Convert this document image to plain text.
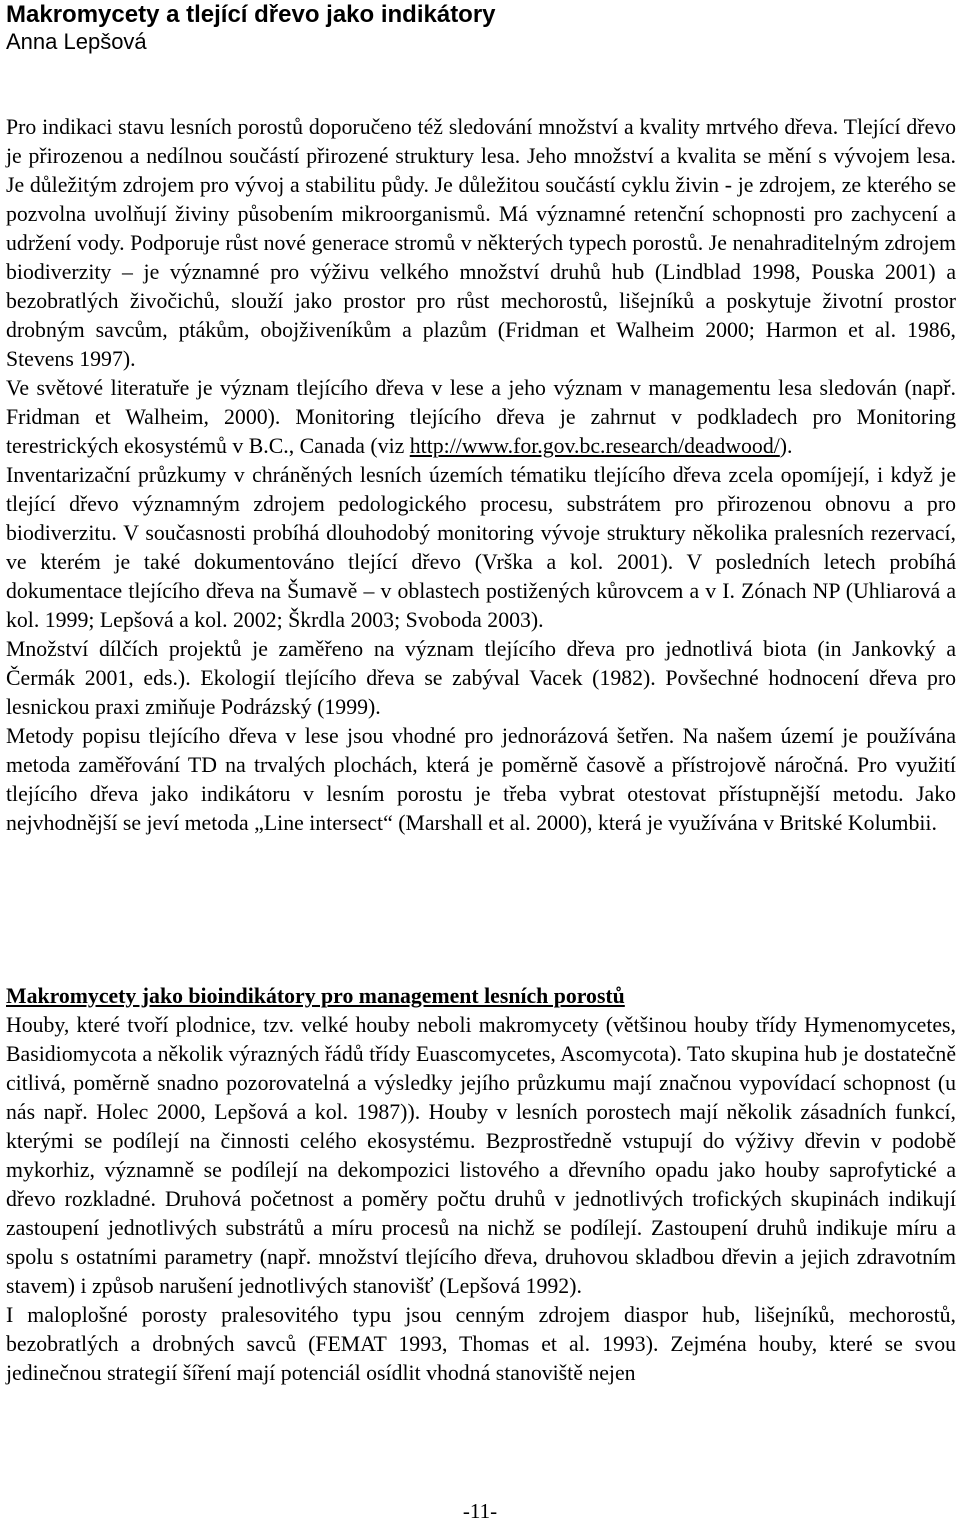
Makromycety a tlející dřevo jako indikátory
Anna Lepšová

Pro indikaci stavu lesních porostů doporučeno též sledování množství a kvality mrtvého dřeva. Tlející dřevo je přirozenou a nedílnou součástí přirozené struktury lesa. Jeho množství a kvalita se mění s vývojem lesa. Je důležitým zdrojem pro vývoj a stabilitu půdy. Je důležitou součástí cyklu živin - je zdrojem, ze kterého se pozvolna uvolňují živiny působením mikroorganismů. Má významné retenční schopnosti pro zachycení a udržení vody. Podporuje růst nové generace stromů v některých typech porostů. Je nenahraditelným zdrojem biodiverzity – je významné pro výživu velkého množství druhů hub (Lindblad 1998, Pouska 2001) a bezobratlých živočichů, slouží jako prostor pro růst mechorostů, lišejníků a poskytuje životní prostor drobným savcům, ptákům, obojživeníkům a plazům (Fridman et Walheim 2000; Harmon et al. 1986, Stevens 1997).

Ve světové literatuře je význam tlejícího dřeva v lese a jeho význam v managementu lesa sledován (např. Fridman et Walheim, 2000). Monitoring tlejícího dřeva je zahrnut v podkladech pro Monitoring terestrických ekosystémů v B.C., Canada (viz http://www.for.gov.bc.research/deadwood/).

Inventarizační průzkumy v chráněných lesních územích tématiku tlejícího dřeva zcela opomíjejí, i když je tlející dřevo významným zdrojem pedologického procesu, substrátem pro přirozenou obnovu a pro biodiverzitu. V současnosti probíhá dlouhodobý monitoring vývoje struktury několika pralesních rezervací, ve kterém je také dokumentováno tlející dřevo (Vrška a kol. 2001). V posledních letech probíhá dokumentace tlejícího dřeva na Šumavě – v oblastech postižených kůrovcem a v I. Zónach NP (Uhliarová a kol. 1999; Lepšová a kol. 2002; Škrdla 2003; Svoboda 2003).

Množství dílčích projektů je zaměřeno na význam tlejícího dřeva pro jednotlivá biota (in Jankovký a Čermák 2001, eds.). Ekologií tlejícího dřeva se zabýval Vacek (1982). Povšechné hodnocení dřeva pro lesnickou praxi zmiňuje Podrázský (1999).

Metody popisu tlejícího dřeva v lese jsou vhodné pro jednorázová šetřen. Na našem území je používána metoda zaměřování TD na trvalých plochách, která je poměrně časově a přístrojově náročná. Pro využití tlejícího dřeva jako indikátoru v lesním porostu je třeba vybrat otestovat přístupnější metodu. Jako nejvhodnější se jeví metoda „Line intersect“ (Marshall et al. 2000), která je využívána v Britské Kolumbii.

Makromycety jako bioindikátory pro management lesních porostů

Houby, které tvoří plodnice, tzv. velké houby neboli makromycety (většinou houby třídy Hymenomycetes, Basidiomycota a několik výrazných řádů třídy Euascomycetes, Ascomycota). Tato skupina hub je dostatečně citlivá, poměrně snadno pozorovatelná a výsledky jejího průzkumu mají značnou vypovídací schopnost (u nás např. Holec 2000, Lepšová a kol. 1987)). Houby v lesních porostech mají několik zásadních funkcí, kterými se podílejí na činnosti celého ekosystému. Bezprostředně vstupují do výživy dřevin v podobě mykorhiz, významně se podílejí na dekompozici listového a dřevního opadu jako houby saprofytické a dřevo rozkladné. Druhová početnost a poměry počtu druhů v jednotlivých trofických skupinách indikují zastoupení jednotlivých substrátů a míru procesů na nichž se podílejí. Zastoupení druhů indikuje míru a spolu s ostatními parametry (např. množství tlejícího dřeva, druhovou skladbou dřevin a jejich zdravotním stavem) i způsob narušení jednotlivých stanovišť (Lepšová 1992).

I maloplošné porosty pralesovitého typu jsou cenným zdrojem diaspor hub, lišejníků, mechorostů, bezobratlých a drobných savců (FEMAT 1993, Thomas et al. 1993). Zejména houby, které se svou jedinečnou strategií šíření mají potenciál osídlit vhodná stanoviště nejen

-11-
